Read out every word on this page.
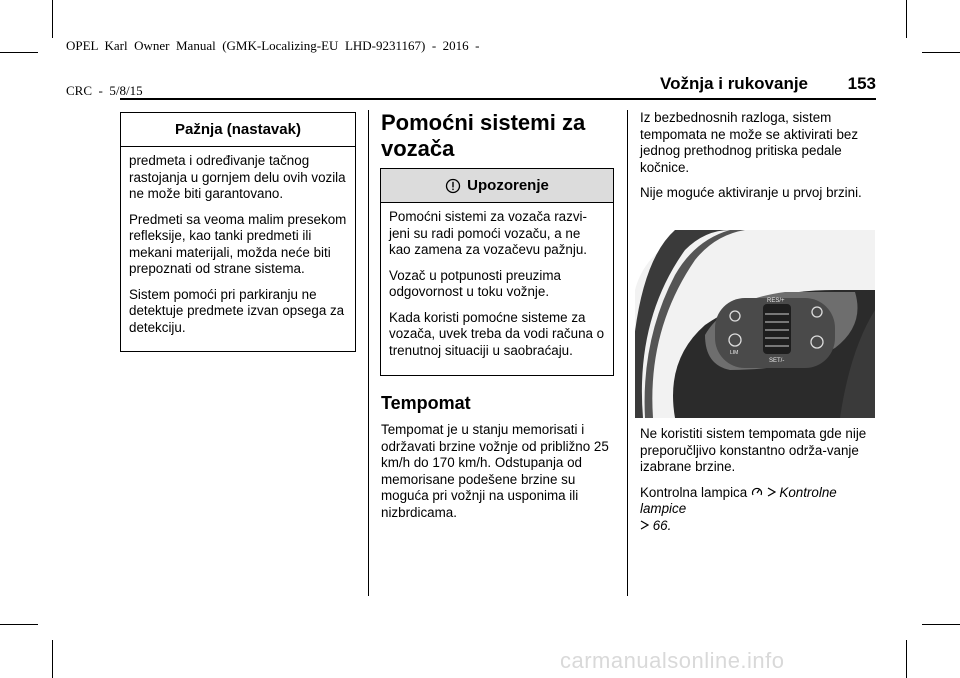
OPEL  Karl  Owner  Manual  (GMK-Localizing-EU  LHD-9231167)  -  2016  -

CRC  -  5/8/15	Vožnja i rukovanje 153
Pažnja (nastavak)

predmeta i određivanje tačnog rastojanja u gornjem delu ovih vozila ne može biti garantovano.

Predmeti sa veoma malim presekom refleksije, kao tanki predmeti ili mekani materijali, možda neće biti prepoznati od strane sistema.

Sistem pomoći pri parkiranju ne detektuje predmete izvan opsega za detekciju.

Pomoćni sistemi za vozača
Upozorenje

Pomoćni sistemi za vozača razvi-jeni su radi pomoći vozaču, a ne kao zamena za vozačevu pažnju.

Vozač u potpunosti preuzima odgovornost u toku vožnje.

Kada koristi pomoćne sisteme za vozača, uvek treba da vodi računa o trenutnoj situaciji u saobraćaju.

Tempomat

Tempomat je u stanju memorisati i održavati brzine vožnje od približno 25 km/h do 170 km/h. Odstupanja od memorisane podešene brzine su moguća pri vožnji na usponima ili nizbrdicama.

Iz bezbednosnih razloga, sistem tempomata ne može se aktivirati bez jednog prethodnog pritiska pedale kočnice.

Nije moguće aktiviranje u prvoj brzini.

RES/+
SET/-
LIM

Ne koristiti sistem tempomata gde nije preporučljivo konstantno održa-vanje izabrane brzine.

Kontrolna lampica Kontrolne lampice
66.

carmanualsonline.info
